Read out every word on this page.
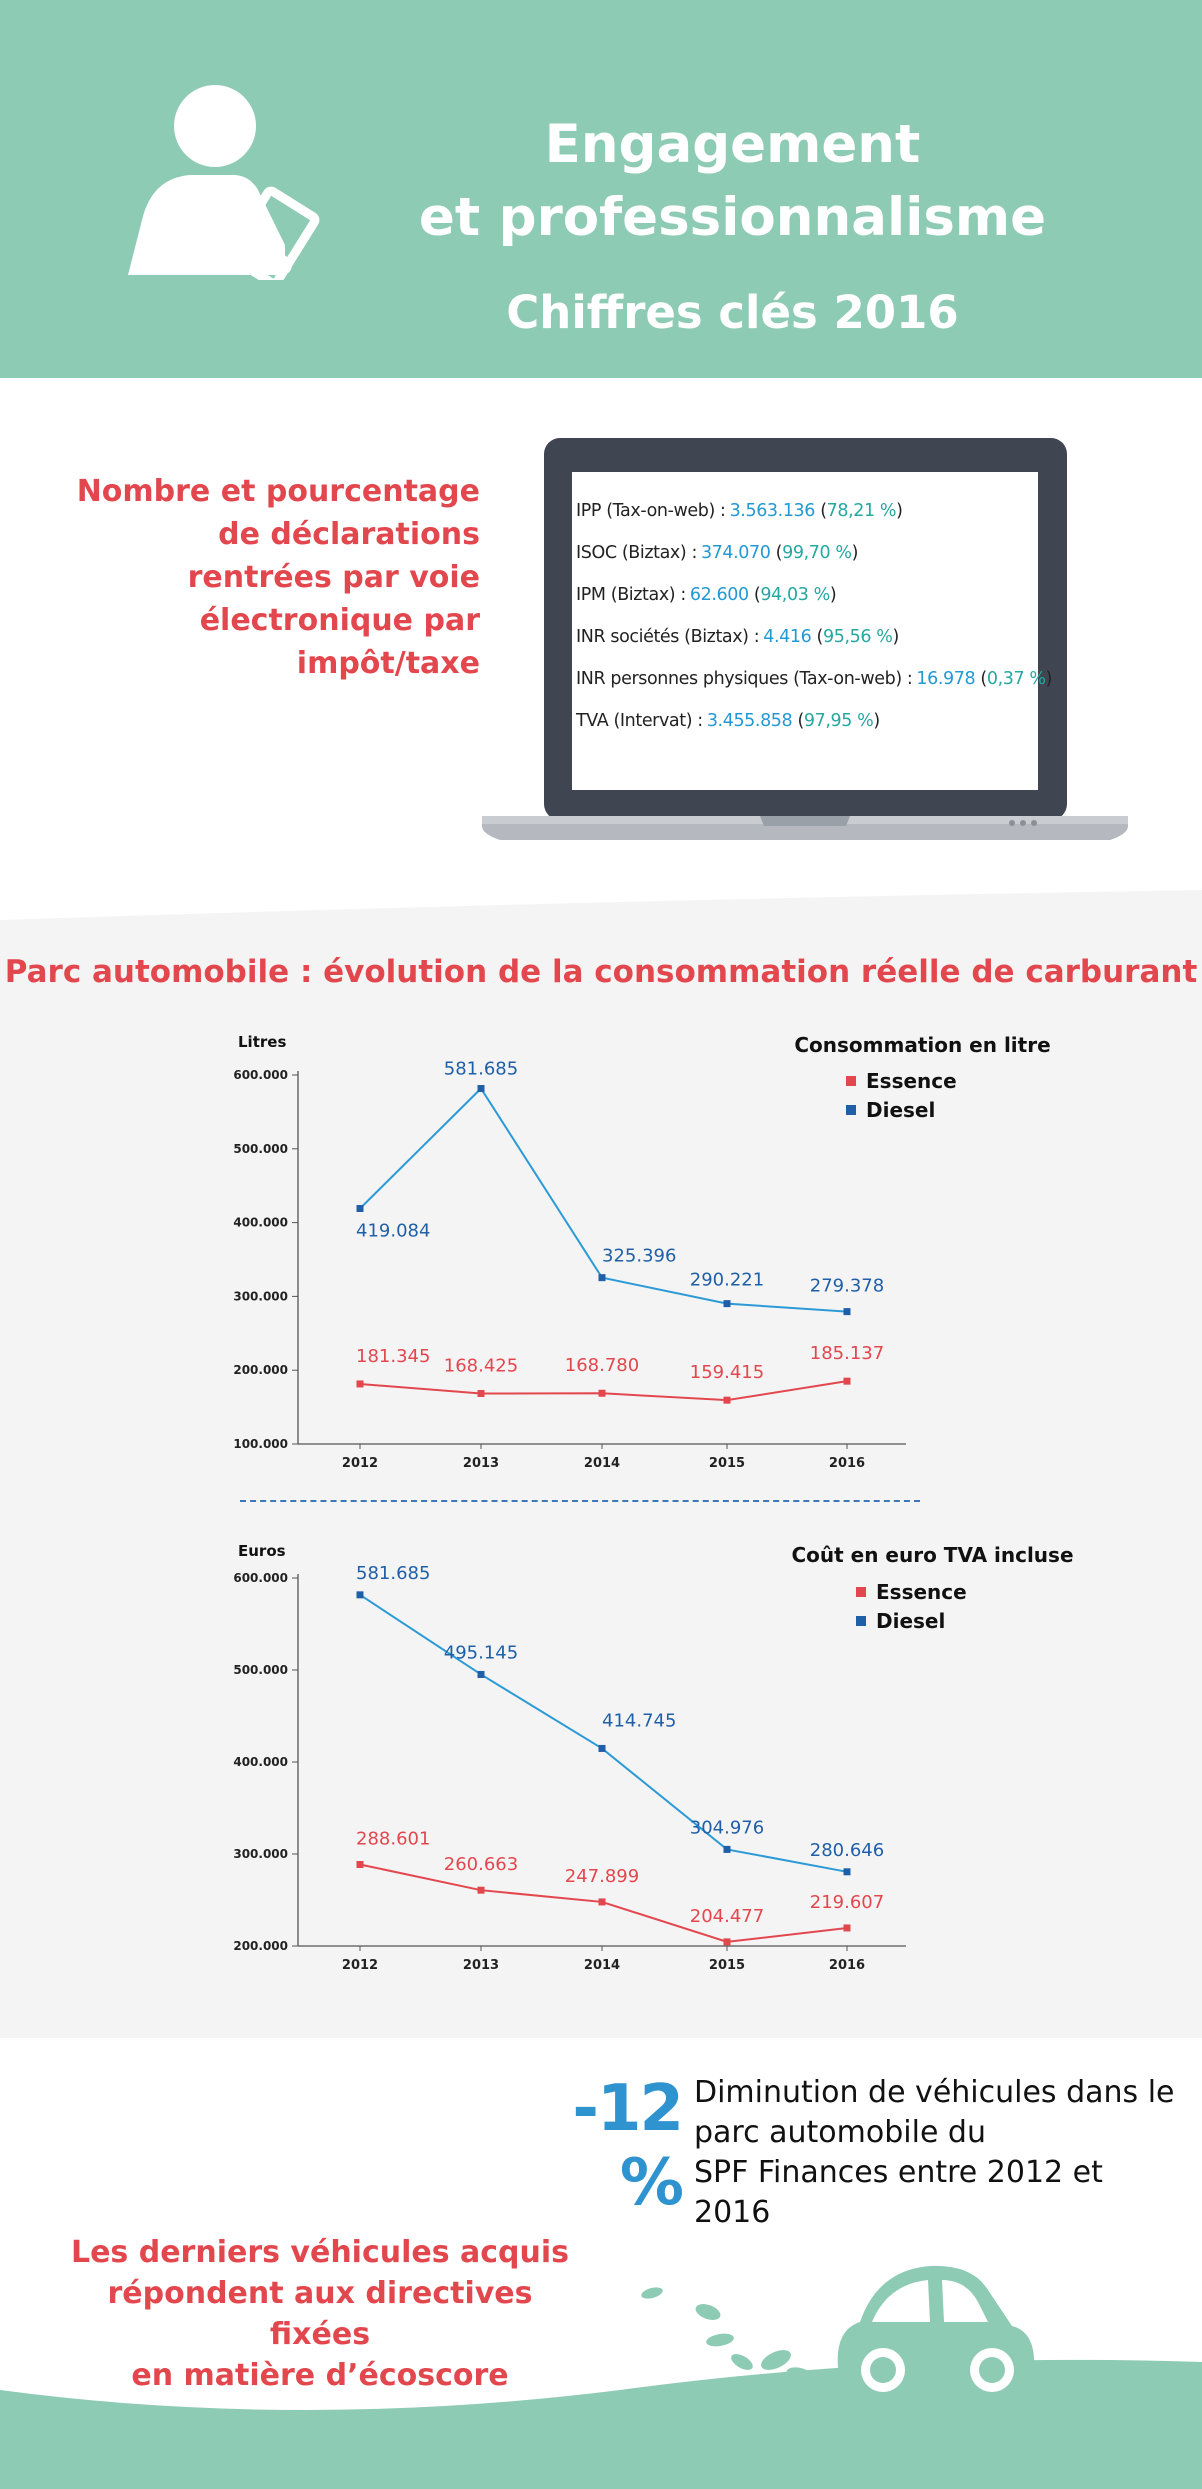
Engagement
et professionnalisme
Chiffres clés 2016
Nombre et pourcentage
de déclarations
rentrées par voie
électronique par impôt/taxe
IPP (Tax-on-web) : 3.563.136 ( 78,21 % )
ISOC (Biztax) : 374.070 ( 99,70 % )
IPM (Biztax) : 62.600 ( 94,03 % )
INR sociétés (Biztax) : 4.416 ( 95,56 % )
INR personnes physiques (Tax-on-web) : 16.978 ( 0,37 % )
TVA (Intervat) : 3.455.858 ( 97,95 % )
Parc automobile : évolution de la consommation réelle de carburant
Litres	Consommation en litre
Essence
Diesel
100.000
200.000
300.000
400.000
500.000
600.000
2012	2013	2014	2015	2016
181.345 168.425	168.780	159.415
185.137
419.084
581.685
325.396
290.221	279.378
Euros	Coût en euro TVA incluse
Essence
Diesel
200.000
300.000
400.000
500.000
600.000
2012	2013	2014	2015	2016
288.601
260.663
247.899
204.477
219.607
581.685
495.145
414.745
304.976
280.646
-12 %
Diminution de véhicules dans le
parc automobile du
SPF Finances entre 2012 et 2016
Les derniers véhicules acquis
répondent aux directives fixées
en matière d’écoscore
